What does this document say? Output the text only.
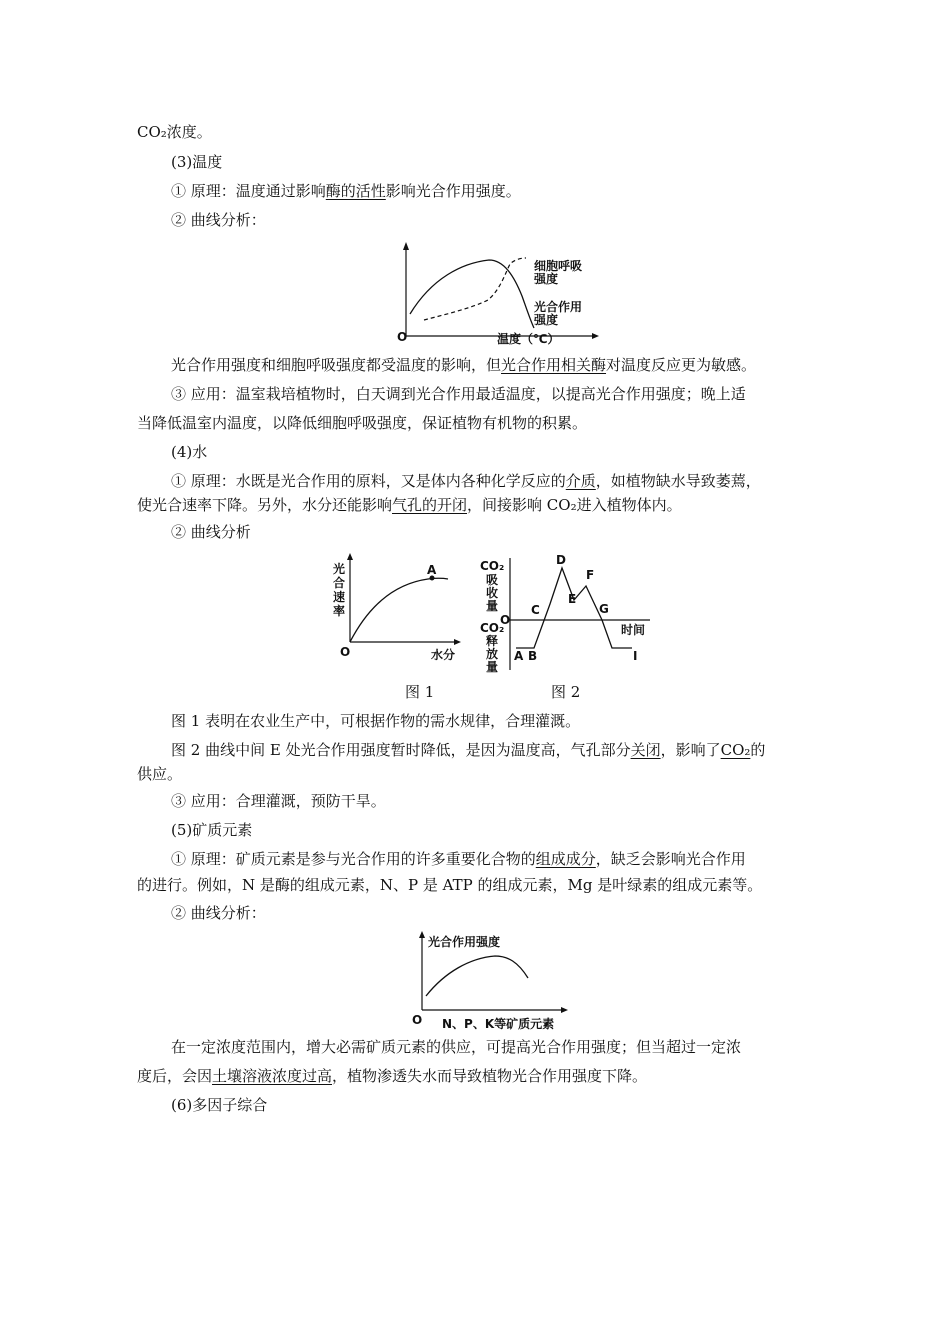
CO₂浓度。
(3)温度
① 原理：温度通过影响酶的活性影响光合作用强度。
② 曲线分析：
细胞呼吸
强度
光合作用
强度
O	温度（℃）
光合作用强度和细胞呼吸强度都受温度的影响，但光合作用相关酶对温度反应更为敏感。
③ 应用：温室栽培植物时，白天调到光合作用最适温度，以提高光合作用强度；晚上适
当降低温室内温度，以降低细胞呼吸强度，保证植物有机物的积累。
(4)水
① 原理：水既是光合作用的原料，又是体内各种化学反应的介质，如植物缺水导致萎蔫，
使光合速率下降。另外，水分还能影响气孔的开闭，间接影响 CO₂进入植物体内。
② 曲线分析
A
光
合
速
率
O	水分
CO₂
吸
收
量
CO₂
释
放
量
O
时间
A B
C
D
E
F
G
I
图 1	图 2
图 1 表明在农业生产中，可根据作物的需水规律，合理灌溉。
图 2 曲线中间 E 处光合作用强度暂时降低，是因为温度高，气孔部分关闭，影响了CO₂的
供应。
③ 应用：合理灌溉，预防干旱。
(5)矿质元素
① 原理：矿质元素是参与光合作用的许多重要化合物的组成成分，缺乏会影响光合作用
的进行。例如，N 是酶的组成元素，N、P 是 ATP 的组成元素，Mg 是叶绿素的组成元素等。
② 曲线分析：
光合作用强度
O N、P、K等矿质元素
在一定浓度范围内，增大必需矿质元素的供应，可提高光合作用强度；但当超过一定浓
度后，会因土壤溶液浓度过高，植物渗透失水而导致植物光合作用强度下降。
(6)多因子综合
